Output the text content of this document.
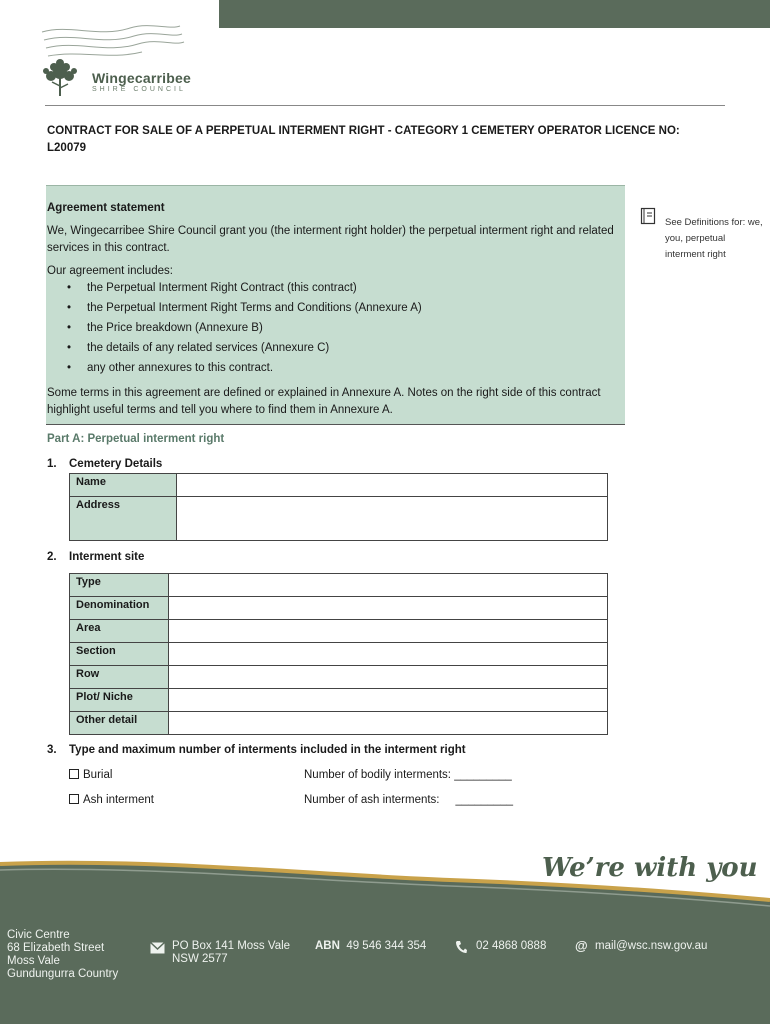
Wingecarribee
SHIRE COUNCIL
CONTRACT FOR SALE OF A PERPETUAL INTERMENT RIGHT - CATEGORY 1 CEMETERY OPERATOR LICENCE NO: L20079
Agreement statement

We, Wingecarribee Shire Council grant you (the interment right holder) the perpetual interment right and related services in this contract.

Our agreement includes:
• the Perpetual Interment Right Contract (this contract)
• the Perpetual Interment Right Terms and Conditions (Annexure A)
• the Price breakdown (Annexure B)
• the details of any related services (Annexure C)
• any other annexures to this contract.

Some terms in this agreement are defined or explained in Annexure A. Notes on the right side of this contract highlight useful terms and tell you where to find them in Annexure A.

See Definitions for: we, you, perpetual interment right
Part A: Perpetual interment right
1. Cemetery Details
Name	
Address	
2. Interment site
Type	
Denomination	
Area	
Section	
Row	
Plot/ Niche	
Other detail	
3. Type and maximum number of interments included in the interment right
Burial	Number of bodily interments: _________
Ash interment	Number of ash interments:     _________
We’re with you
Civic Centre
68 Elizabeth Street
Moss Vale
Gundungurra Country
PO Box 141 Moss Vale
NSW 2577
ABN 49 546 344 354	02 4868 0888 @ mail@wsc.nsw.gov.au
